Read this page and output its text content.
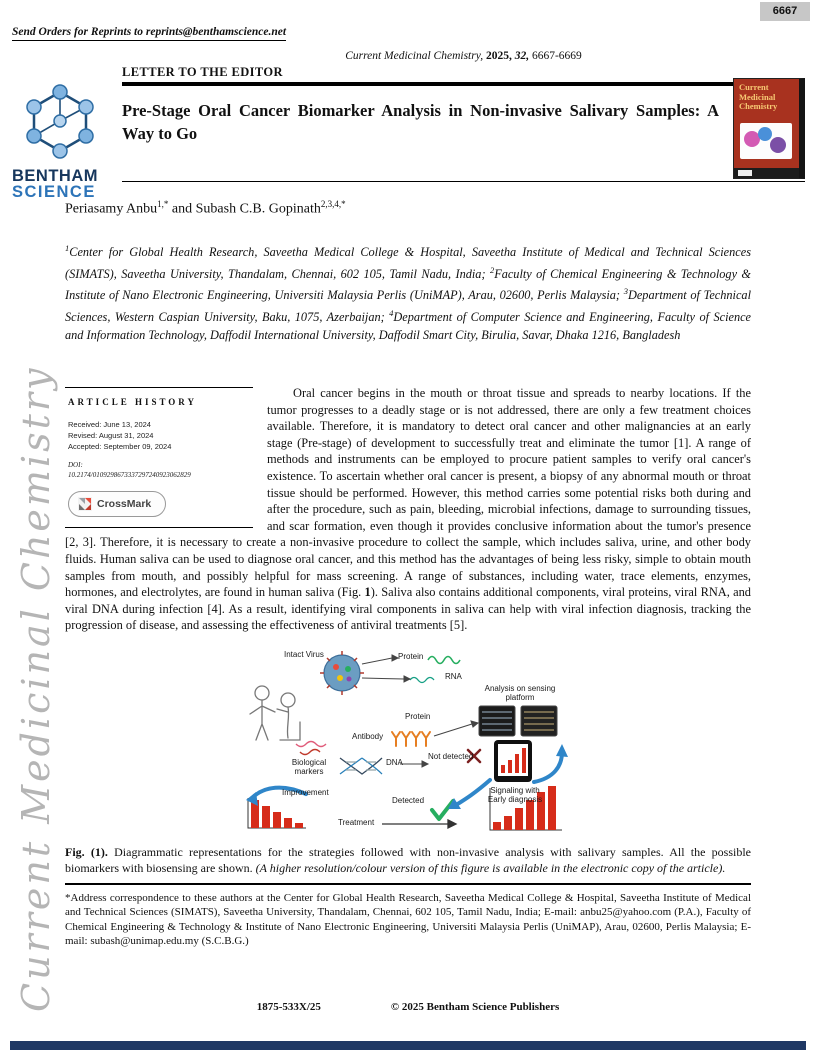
6667
Send Orders for Reprints to reprints@benthamscience.net
Current Medicinal Chemistry, 2025, 32, 6667-6669
BENTHAM
SCIENCE
LETTER TO THE EDITOR
Pre-Stage Oral Cancer Biomarker Analysis in Non-invasive Salivary Samples: A Way to Go
Current Medicinal Chemistry
Periasamy Anbu$^{1,*}$ and Subash C.B. Gopinath$^{2,3,4,*}$

$^1$Center for Global Health Research, Saveetha Medical College & Hospital, Saveetha Institute of Medical and Technical Sciences (SIMATS), Saveetha University, Thandalam, Chennai, 602 105, Tamil Nadu, India; $^2$Faculty of Chemical Engineering & Technology & Institute of Nano Electronic Engineering, Universiti Malaysia Perlis (UniMAP), Arau, 02600, Perlis Malaysia; $^3$Department of Technical Sciences, Western Caspian University, Baku, 1075, Azerbaijan; $^4$Department of Computer Science and Engineering, Faculty of Science and Information Technology, Daffodil International University, Daffodil Smart City, Birulia, Savar, Dhaka 1216, Bangladesh

Current Medicinal Chemistry ARTICLE HISTORY
Received: June 13, 2024
Revised: August 31, 2024
Accepted: September 09, 2024
DOI:
10.2174/0109298673337297240923062829
CrossMark
Oral cancer begins in the mouth or throat tissue and spreads to nearby locations. If the tumor progresses to a deadly stage or is not addressed, there are only a few treatment choices available. Therefore, it is mandatory to detect oral cancer and other malignancies at an early stage (Pre-stage) of development to successfully treat and eliminate the tumor [1]. A range of methods and instruments can be employed to procure patient samples to verify oral cancer's existence. To ascertain whether oral cancer is present, a biopsy of any abnormal mouth or throat tissue should be performed. However, this method carries some potential risks both during and after the procedure, such as pain, bleeding, microbial infections, damage to surrounding tissues, and scar formation, even though it provides conclusive information about the tumor's presence [2, 3]. Therefore, it is necessary to create a non-invasive procedure to collect the sample, which includes saliva, urine, and other body fluids. Human saliva can be used to diagnose oral cancer, and this method has the advantages of being less risky, simple to obtain mouth samples from mouth, and possibly helpful for mass screening. A range of substances, including water, trace elements, enzymes, hormones, and electrolytes, are found in human saliva (Fig. 1). Saliva also contains additional components, viral proteins, viral RNA, and viral DNA during infection [4]. As a result, identifying viral components in saliva can help with viral infection diagnosis, tracking the progression of disease, and assessing the effectiveness of antiviral treatments [5].
Intact Virus	Protein
RNA
Analysis on sensing platform
Protein
Antibody
DNA
Biological markers
Not detected
Signaling with Early diagnosis
Improvement
Detected
Treatment
Fig. (1). Diagrammatic representations for the strategies followed with non-invasive analysis with salivary samples. All the possible biomarkers with biosensing are shown. (A higher resolution/colour version of this figure is available in the electronic copy of the article).
*Address correspondence to these authors at the Center for Global Health Research, Saveetha Medical College & Hospital, Saveetha Institute of Medical and Technical Sciences (SIMATS), Saveetha University, Thandalam, Chennai, 602 105, Tamil Nadu, India; E-mail: anbu25@yahoo.com (P.A.), Faculty of Chemical Engineering & Technology & Institute of Nano Electronic Engineering, Universiti Malaysia Perlis (UniMAP), Arau, 02600, Perlis Malaysia; E-mail: subash@unimap.edu.my (S.C.B.G.)
1875-533X/25	© 2025 Bentham Science Publishers
